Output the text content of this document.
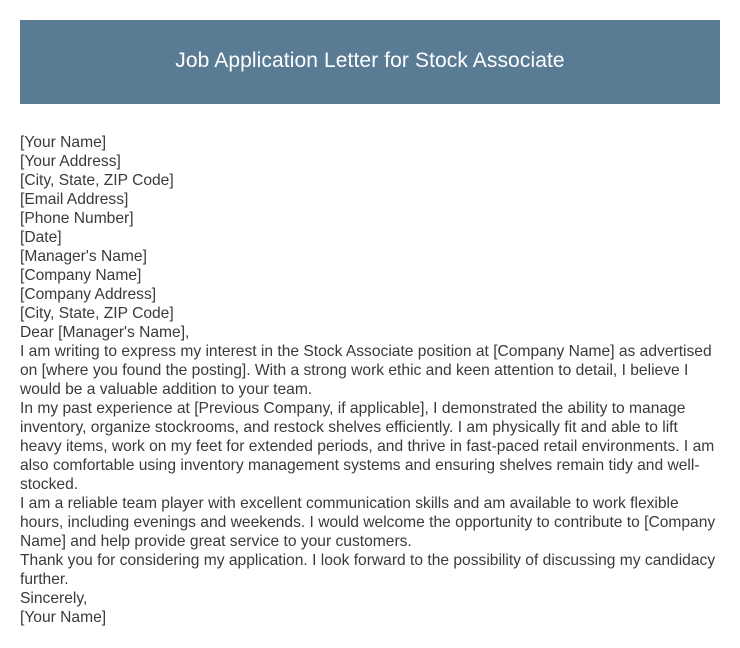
Job Application Letter for Stock Associate
[Your Name]
[Your Address]
[City, State, ZIP Code]
[Email Address]
[Phone Number]
[Date]
[Manager's Name]
[Company Name]
[Company Address]
[City, State, ZIP Code]
Dear [Manager's Name],
I am writing to express my interest in the Stock Associate position at [Company Name] as advertised on [where you found the posting]. With a strong work ethic and keen attention to detail, I believe I would be a valuable addition to your team.
In my past experience at [Previous Company, if applicable], I demonstrated the ability to manage inventory, organize stockrooms, and restock shelves efficiently. I am physically fit and able to lift heavy items, work on my feet for extended periods, and thrive in fast-paced retail environments. I am also comfortable using inventory management systems and ensuring shelves remain tidy and well-stocked.
I am a reliable team player with excellent communication skills and am available to work flexible hours, including evenings and weekends. I would welcome the opportunity to contribute to [Company Name] and help provide great service to your customers.
Thank you for considering my application. I look forward to the possibility of discussing my candidacy further.
Sincerely,
[Your Name]
